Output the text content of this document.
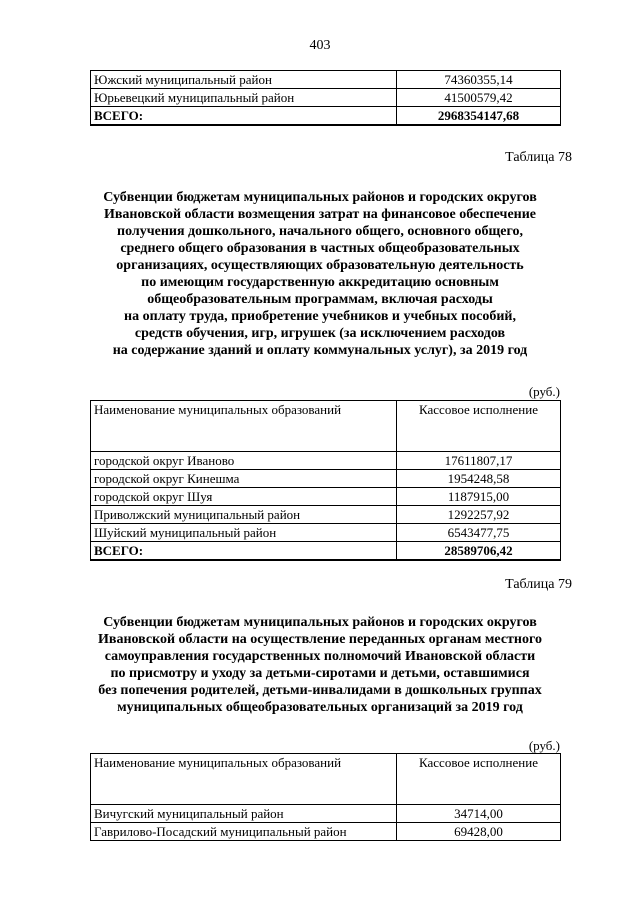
403
Южский муниципальный район	74360355,14
Юрьевецкий муниципальный район	41500579,42
ВСЕГО:	2968354147,68
Таблица 78
Субвенции бюджетам муниципальных районов и городских округов
Ивановской области возмещения затрат на финансовое обеспечение
получения дошкольного, начального общего, основного общего,
среднего общего образования в частных общеобразовательных
организациях, осуществляющих образовательную деятельность
по имеющим государственную аккредитацию основным
общеобразовательным программам, включая расходы
на оплату труда, приобретение учебников и учебных пособий,
средств обучения, игр, игрушек (за исключением расходов
на содержание зданий и оплату коммунальных услуг), за 2019 год
(руб.)
Наименование муниципальных образований	Кассовое исполнение
городской округ Иваново	17611807,17
городской округ Кинешма	1954248,58
городской округ Шуя	1187915,00
Приволжский муниципальный район	1292257,92
Шуйский муниципальный район	6543477,75
ВСЕГО:	28589706,42
Таблица 79
Субвенции бюджетам муниципальных районов и городских округов
Ивановской области на осуществление переданных органам местного
самоуправления государственных полномочий Ивановской области
по присмотру и уходу за детьми-сиротами и детьми, оставшимися
без попечения родителей, детьми-инвалидами в дошкольных группах
муниципальных общеобразовательных организаций за 2019 год
(руб.)
Наименование муниципальных образований	Кассовое исполнение
Вичугский муниципальный район	34714,00
Гаврилово-Посадский муниципальный район	69428,00
